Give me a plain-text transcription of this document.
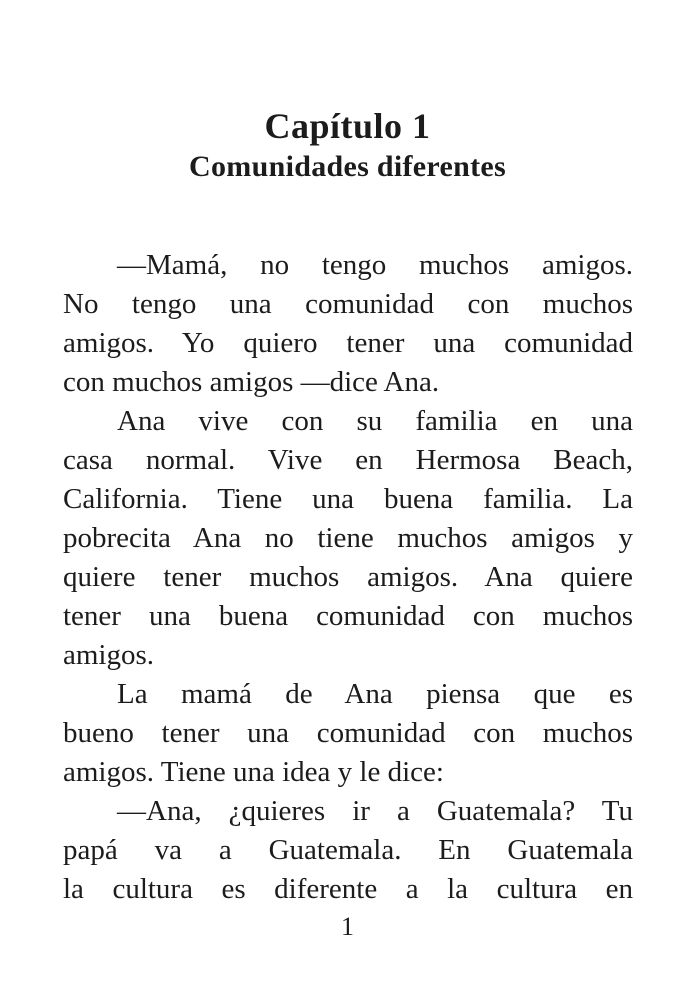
Capítulo 1
Comunidades diferentes
—Mamá, no tengo muchos amigos.
No tengo una comunidad con muchos
amigos. Yo quiero tener una comunidad
con muchos amigos —dice Ana.
Ana vive con su familia en una
casa normal. Vive en Hermosa Beach,
California. Tiene una buena familia. La
pobrecita Ana no tiene muchos amigos y
quiere tener muchos amigos. Ana quiere
tener una buena comunidad con muchos
amigos.
La mamá de Ana piensa que es
bueno tener una comunidad con muchos
amigos. Tiene una idea y le dice:
—Ana, ¿quieres ir a Guatemala? Tu
papá va a Guatemala. En Guatemala
la cultura es diferente a la cultura en
1
